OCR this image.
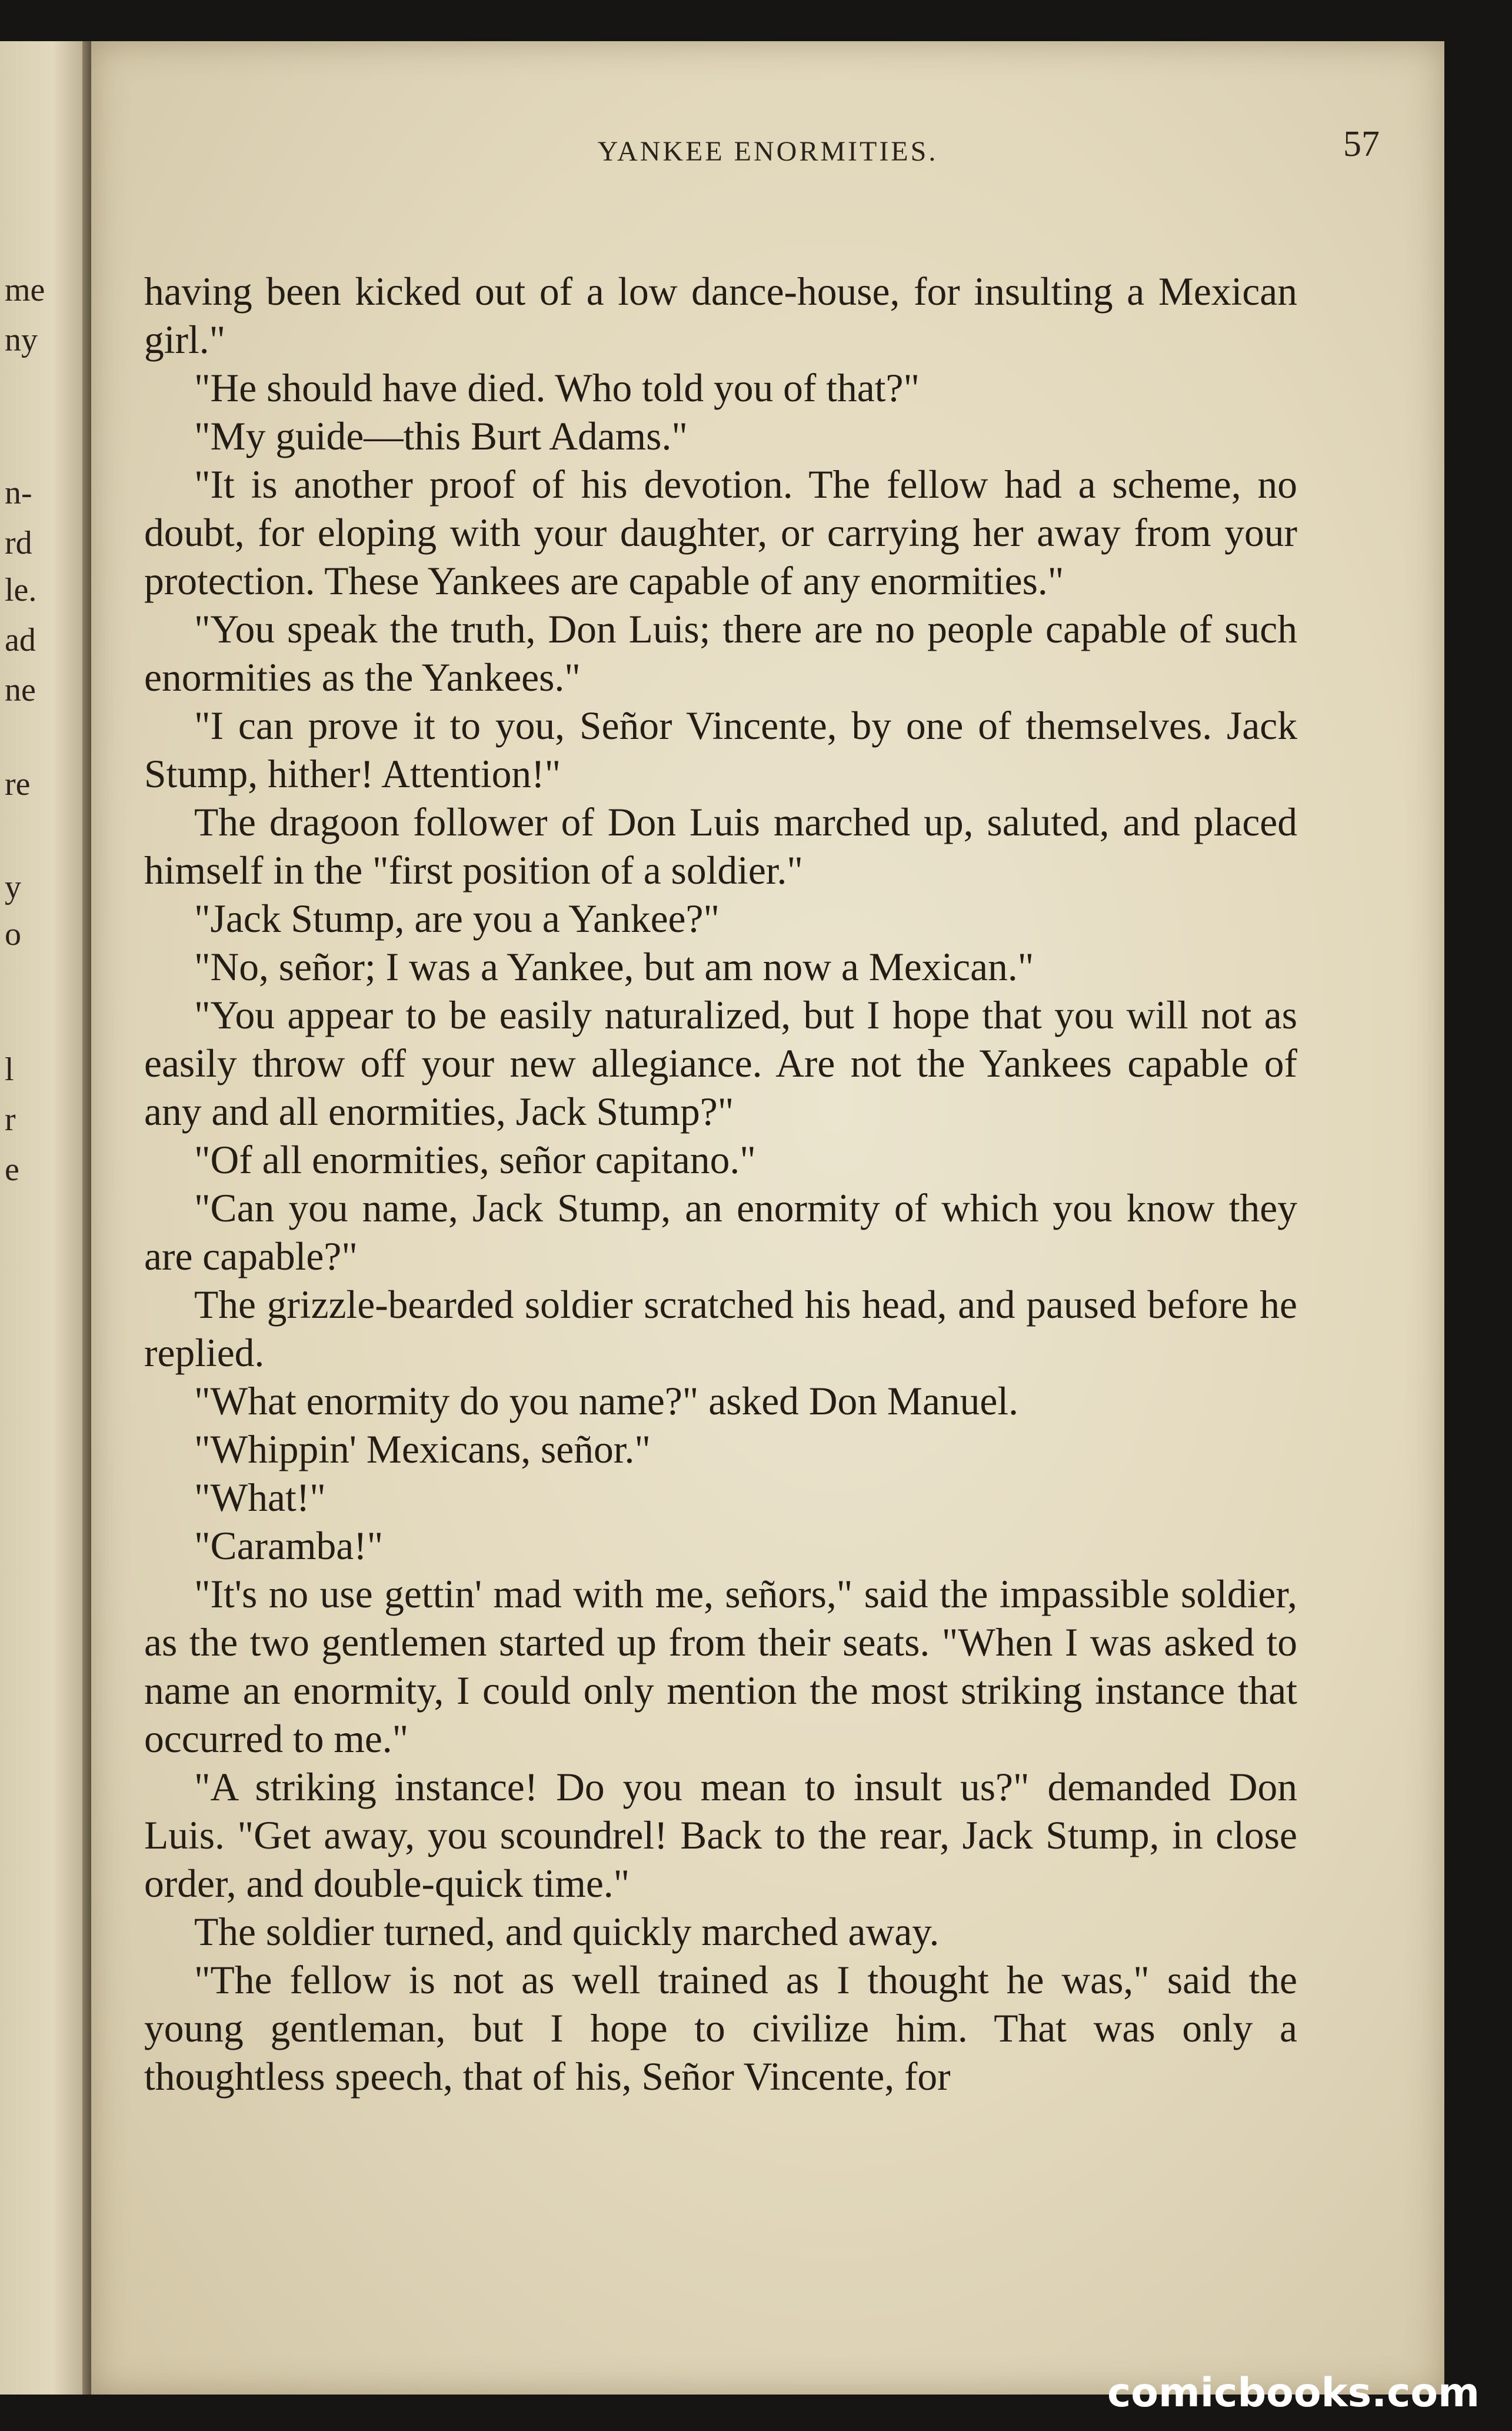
me
ny
n-
rd
le.
ad
ne
re
y
o
l
r
e
YANKEE ENORMITIES.	57

having been kicked out of a low dance-house, for insulting a Mexican girl."

"He should have died. Who told you of that?"

"My guide—this Burt Adams."

"It is another proof of his devotion. The fellow had a scheme, no doubt, for eloping with your daughter, or carrying her away from your protection. These Yankees are capable of any enormities."

"You speak the truth, Don Luis; there are no people capable of such enormities as the Yankees."

"I can prove it to you, Señor Vincente, by one of themselves. Jack Stump, hither! Attention!"

The dragoon follower of Don Luis marched up, saluted, and placed himself in the "first position of a soldier."

"Jack Stump, are you a Yankee?"

"No, señor; I was a Yankee, but am now a Mexican."

"You appear to be easily naturalized, but I hope that you will not as easily throw off your new allegiance. Are not the Yankees capable of any and all enormities, Jack Stump?"

"Of all enormities, señor capitano."

"Can you name, Jack Stump, an enormity of which you know they are capable?"

The grizzle-bearded soldier scratched his head, and paused before he replied.

"What enormity do you name?" asked Don Manuel.

"Whippin' Mexicans, señor."

"What!"

"Caramba!"

"It's no use gettin' mad with me, señors," said the impassible soldier, as the two gentlemen started up from their seats. "When I was asked to name an enormity, I could only mention the most striking instance that occurred to me."

"A striking instance! Do you mean to insult us?" demanded Don Luis. "Get away, you scoundrel! Back to the rear, Jack Stump, in close order, and double-quick time."

The soldier turned, and quickly marched away.

"The fellow is not as well trained as I thought he was," said the young gentleman, but I hope to civilize him. That was only a thoughtless speech, that of his, Señor Vincente, for

comicbooks.com
